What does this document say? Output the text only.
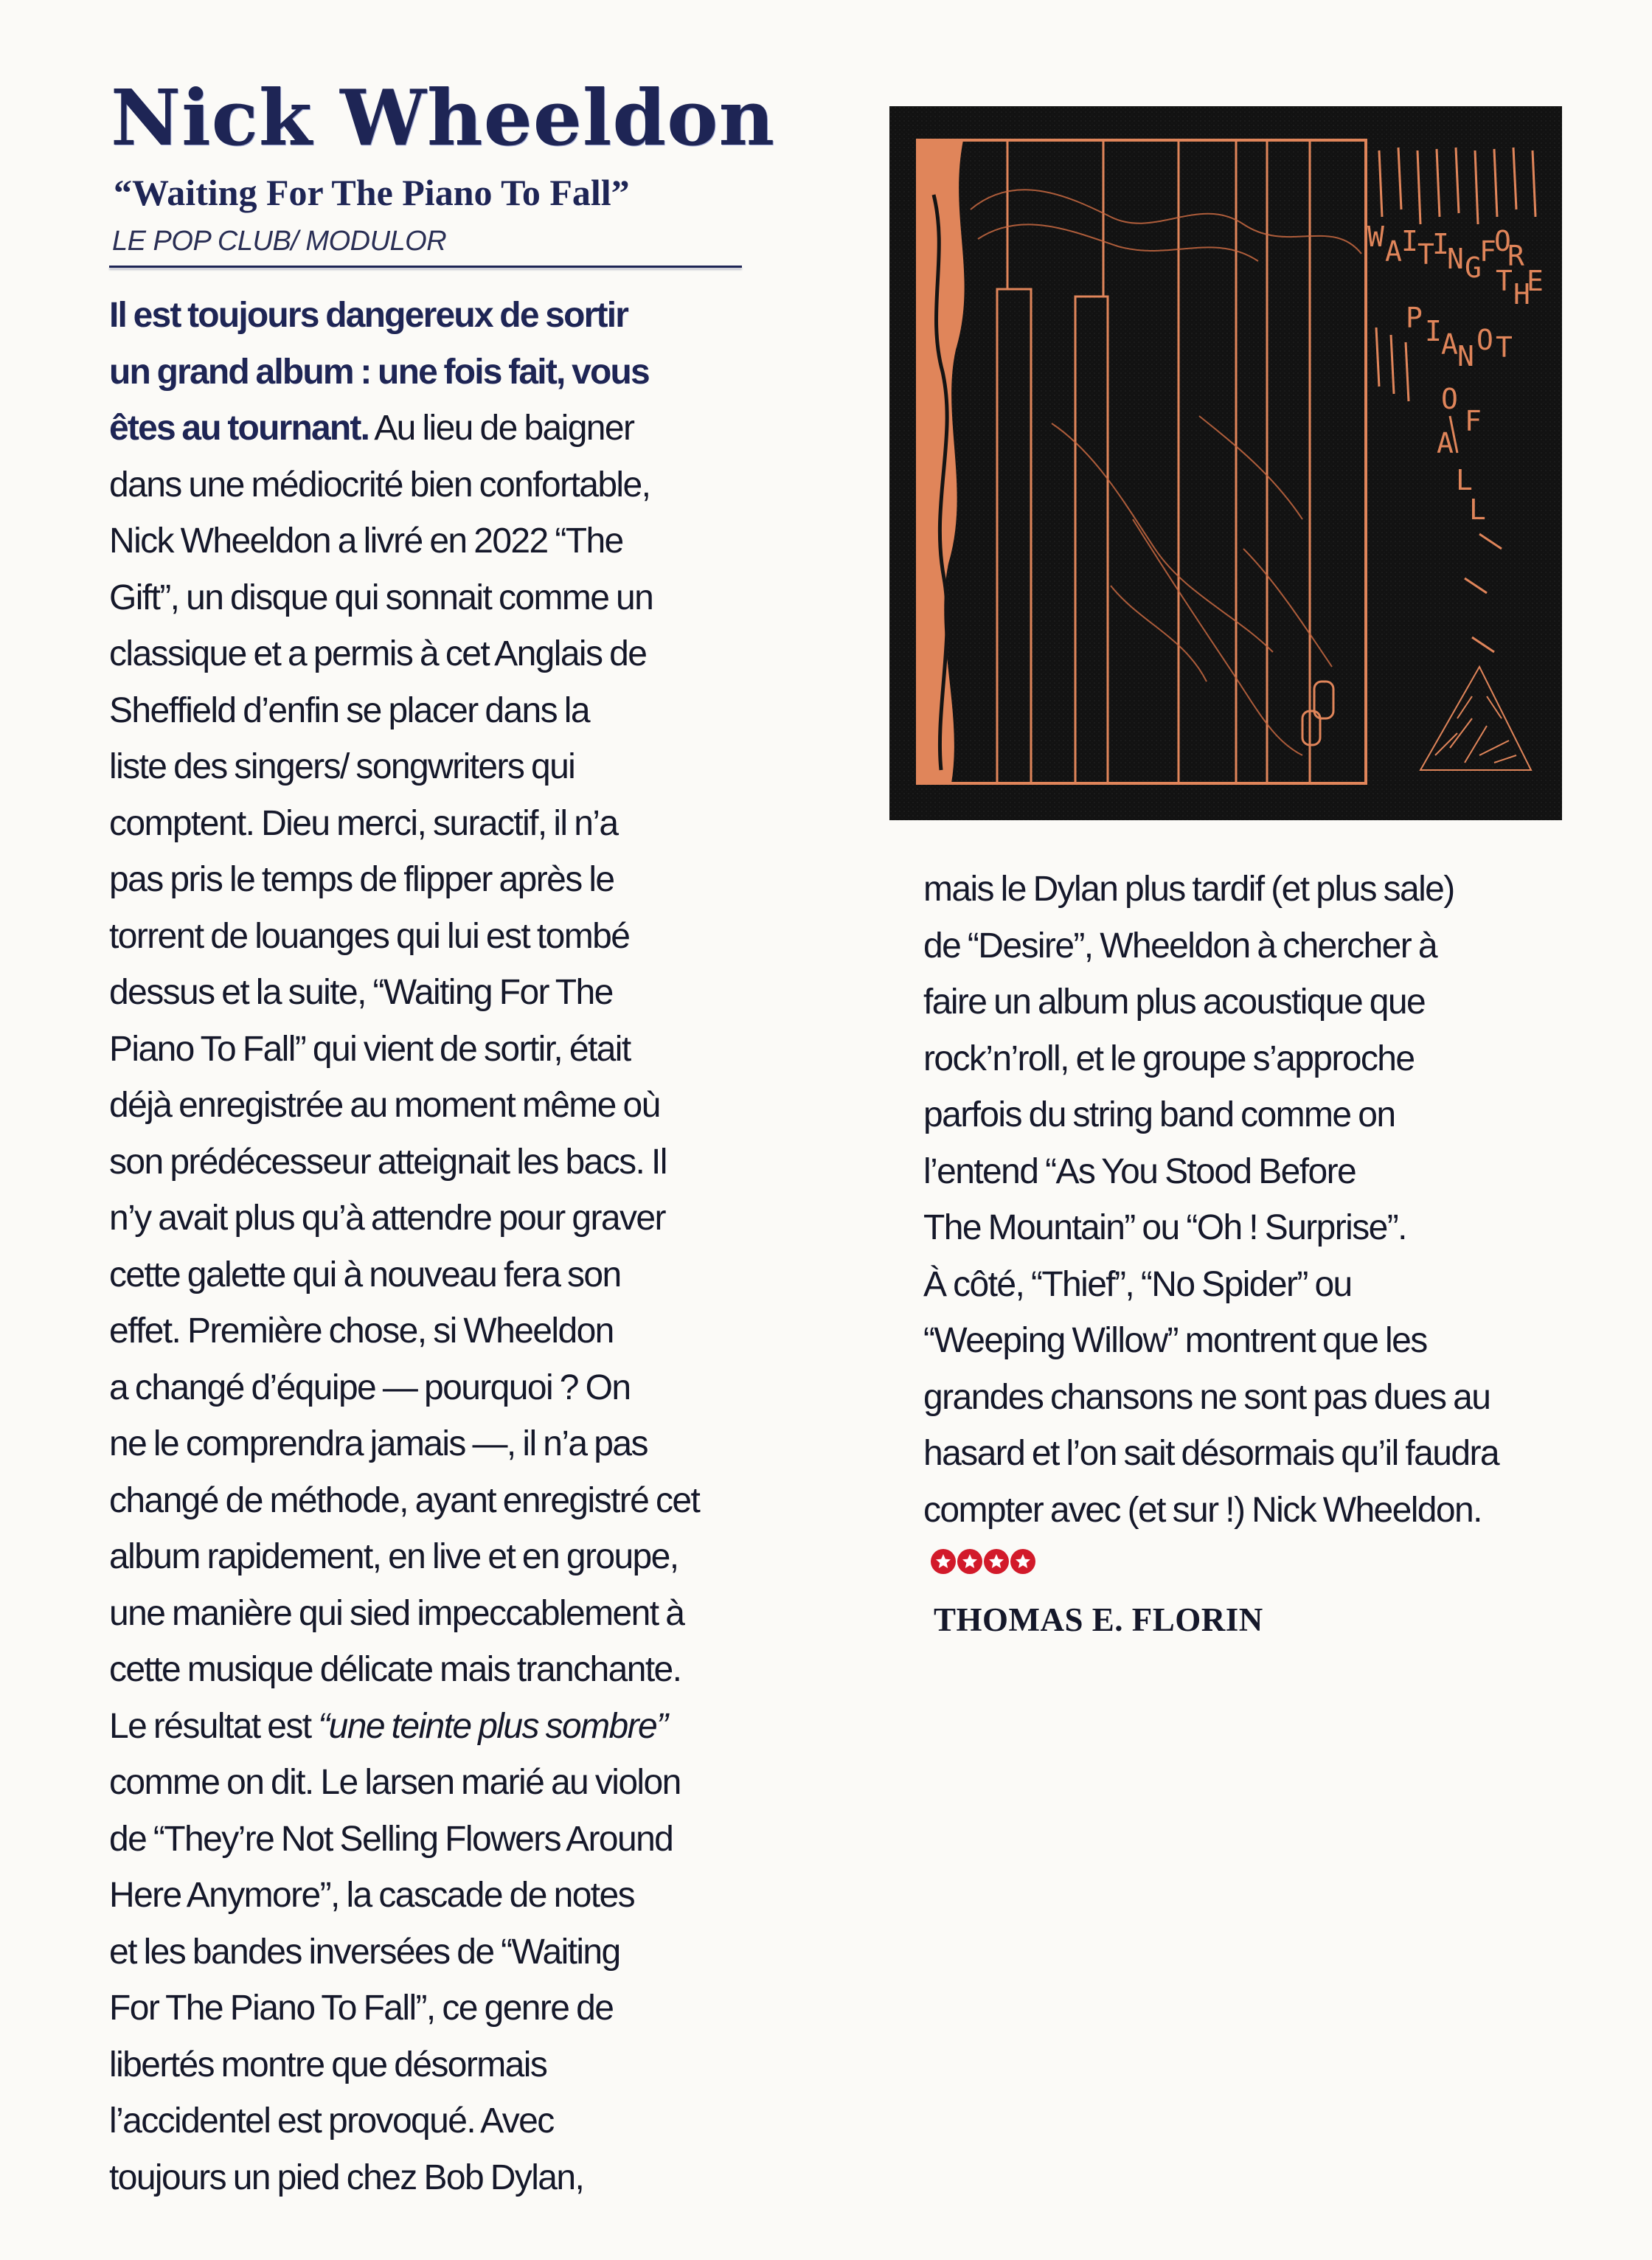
Nick Wheeldon
“Waiting For The Piano To Fall”
LE POP CLUB/ MODULOR
Il est toujours dangereux de sortir
un grand album : une fois fait, vous
êtes au tournant. Au lieu de baigner
dans une médiocrité bien confortable,
Nick Wheeldon a livré en 2022 “The
Gift”, un disque qui sonnait comme un
classique et a permis à cet Anglais de
Sheffield d’enfin se placer dans la
liste des singers/ songwriters qui
comptent. Dieu merci, suractif, il n’a
pas pris le temps de flipper après le
torrent de louanges qui lui est tombé
dessus et la suite, “Waiting For The
Piano To Fall” qui vient de sortir, était
déjà enregistrée au moment même où
son prédécesseur atteignait les bacs. Il
n’y avait plus qu’à attendre pour graver
cette galette qui à nouveau fera son
effet. Première chose, si Wheeldon
a changé d’équipe — pourquoi ? On
ne le comprendra jamais —, il n’a pas
changé de méthode, ayant enregistré cet
album rapidement, en live et en groupe,
une manière qui sied impeccablement à
cette musique délicate mais tranchante.
Le résultat est “une teinte plus sombre”
comme on dit. Le larsen marié au violon
de “They’re Not Selling Flowers Around
Here Anymore”, la cascade de notes
et les bandes inversées de “Waiting
For The Piano To Fall”, ce genre de
libertés montre que désormais
l’accidentel est provoqué. Avec
toujours un pied chez Bob Dylan,
W A I T
I
N G
F
O
R
T H
E
P I A N O T
O
F
A
L
L
mais le Dylan plus tardif (et plus sale)
de “Desire”, Wheeldon à chercher à
faire un album plus acoustique que
rock’n’roll, et le groupe s’approche
parfois du string band comme on
l’entend “As You Stood Before
The Mountain” ou “Oh ! Surprise”.
À côté, “Thief”, “No Spider” ou
“Weeping Willow” montrent que les
grandes chansons ne sont pas dues au
hasard et l’on sait désormais qu’il faudra
compter avec (et sur !) Nick Wheeldon.
THOMAS E. FLORIN
